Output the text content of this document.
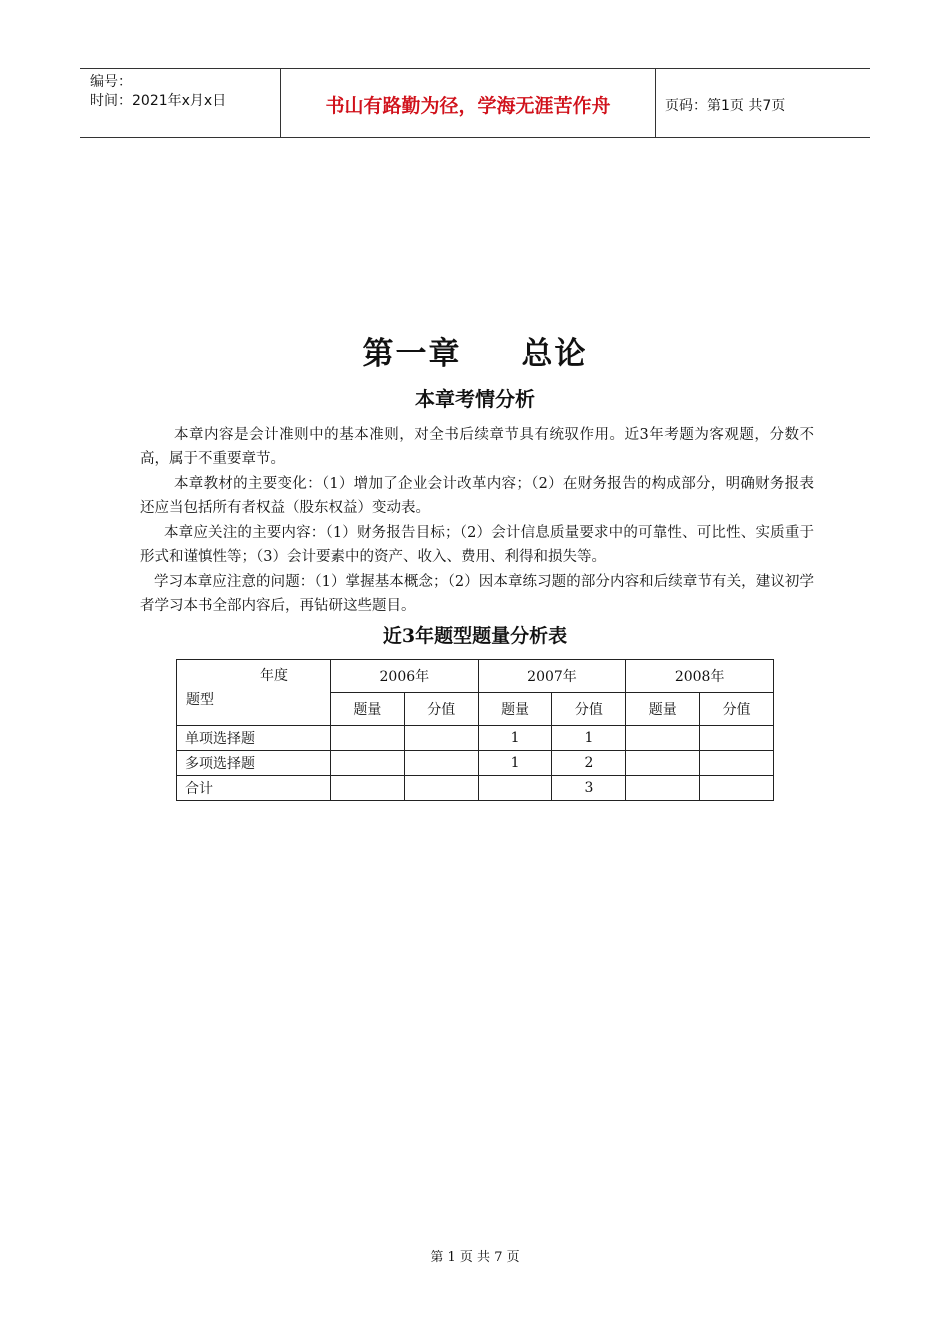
编号：
时间：2021年x月x日	书山有路勤为径，学海无涯苦作舟	页码：第1页 共7页
第一章 总论
本章考情分析
本章内容是会计准则中的基本准则，对全书后续章节具有统驭作用。近3年考题为客观题，分数不高，属于不重要章节。
本章教材的主要变化：（1）增加了企业会计改革内容；（2）在财务报告的构成部分，明确财务报表还应当包括所有者权益（股东权益）变动表。
本章应关注的主要内容：（1）财务报告目标；（2）会计信息质量要求中的可靠性、可比性、实质重于形式和谨慎性等；（3）会计要素中的资产、收入、费用、利得和损失等。
学习本章应注意的问题：（1）掌握基本概念；（2）因本章练习题的部分内容和后续章节有关，建议初学者学习本书全部内容后，再钻研这些题目。
近3年题型题量分析表
年度
题型	2006年		2007年		2008年	
	题量	分值	题量	分值	题量	分值
单项选择题			1	1		
多项选择题			1	2		
合计				3		
第 1 页 共 7 页
